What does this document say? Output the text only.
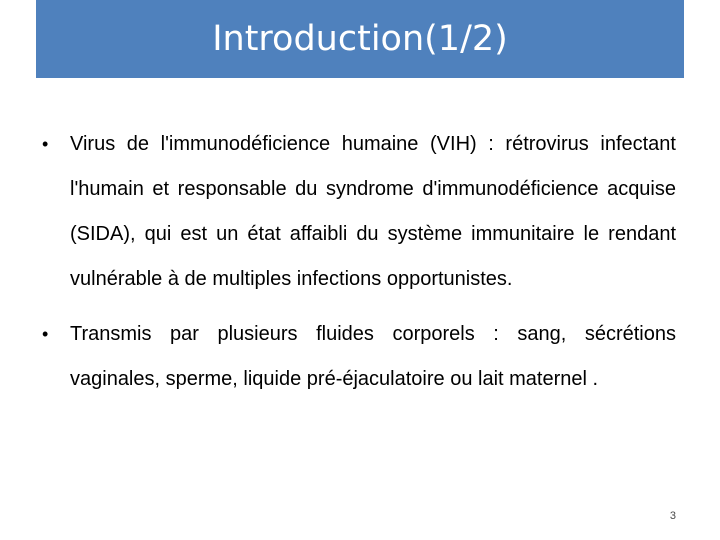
Introduction(1/2)
• Virus de l'immunodéficience humaine (VIH) : rétrovirus infectant l'humain et responsable du syndrome d'immunodéficience acquise (SIDA), qui est un état affaibli du système immunitaire le rendant vulnérable à de multiples infections opportunistes.
• Transmis par plusieurs fluides corporels : sang, sécrétions vaginales, sperme, liquide pré-éjaculatoire ou lait maternel .
3
